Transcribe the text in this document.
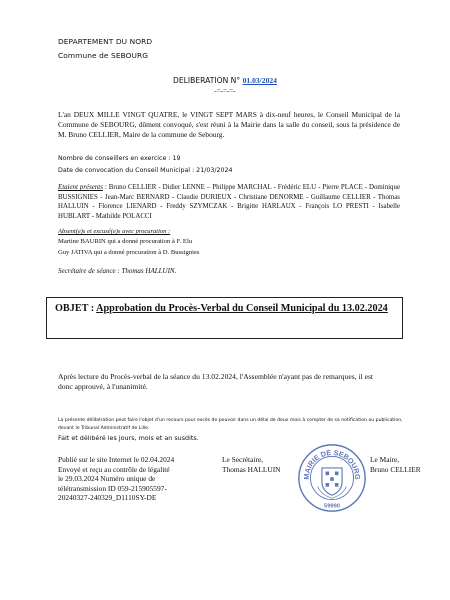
DEPARTEMENT DU NORD
Commune de SEBOURG
DELIBERATION N° 01.03/2024
-=-=-=-
L'an DEUX MILLE VINGT QUATRE, le VINGT SEPT MARS à dix-neuf heures, le Conseil Municipal de la Commune de SEBOURG, dûment convoqué, s'est réuni à la Mairie dans la salle du conseil, sous la présidence de M. Bruno CELLIER, Maire de la commune de Sebourg.
Nombre de conseillers en exercice : 19
Date de convocation du Conseil Municipal : 21/03/2024
Etaient présents : Bruno CELLIER - Didier LENNE – Philippe MARCHAL - Frédéric ELU - Pierre PLACE - Dominique BUSSIGNIES - Jean-Marc BERNARD - Claudie DURIEUX - Christiane DENORME - Guillaume CELLIER - Thomas HALLUIN - Florence LIENARD - Freddy SZYMCZAK - Brigitte HARLAUX - François LO PRESTI - Isabelle HUBLART - Mathilde POLACCI
Absent(e)s et excusé(e)s avec procuration :
Martine BAURIN qui a donné procuration à F. Elu
Guy JATIVA qui a donné procuration à D. Bussignies
Secrétaire de séance : Thomas HALLUIN.
OBJET : Approbation du Procès-Verbal du Conseil Municipal du 13.02.2024
Après lecture du Procès-verbal de la séance du 13.02.2024, l'Assemblée n'ayant pas de remarques, il est donc approuvé, à l'unanimité.
La présente délibération peut faire l'objet d'un recours pour excès de pouvoir dans un délai de deux mois à compter de sa notification ou publication, devant le Tribunal Administratif de Lille.
Fait et délibéré les jours, mois et an susdits.
Publié sur le site Internet le 02.04.2024
Envoyé et reçu au contrôle de légalité
le 29.03.2024 Numéro unique de
télétransmission ID 059-215905597-
20240327-240329_D1110SY-DE
Le Secrétaire,
Thomas HALLUIN
Le Maire,
Bruno CELLIER
MAIRIE DE SEBOURG
59990
